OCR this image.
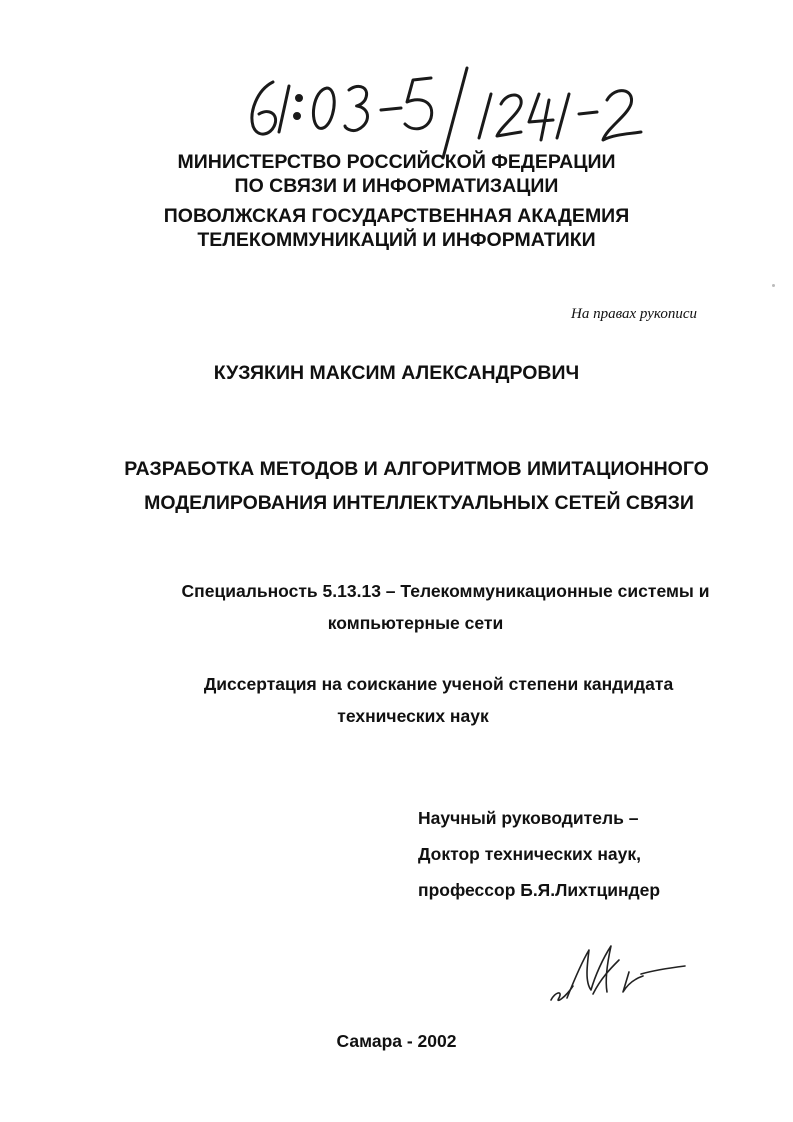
МИНИСТЕРСТВО РОССИЙСКОЙ ФЕДЕРАЦИИ
ПО СВЯЗИ И ИНФОРМАТИЗАЦИИ
ПОВОЛЖСКАЯ ГОСУДАРСТВЕННАЯ АКАДЕМИЯ
ТЕЛЕКОММУНИКАЦИЙ И ИНФОРМАТИКИ
На правах рукописи
КУЗЯКИН МАКСИМ АЛЕКСАНДРОВИЧ
РАЗРАБОТКА МЕТОДОВ И АЛГОРИТМОВ ИМИТАЦИОННОГО
МОДЕЛИРОВАНИЯ ИНТЕЛЛЕКТУАЛЬНЫХ СЕТЕЙ СВЯЗИ
Специальность 5.13.13 – Телекоммуникационные системы и
компьютерные сети
Диссертация на соискание ученой степени кандидата
технических наук
Научный руководитель –
Доктор технических наук,
профессор Б.Я.Лихтциндер
Самара - 2002
